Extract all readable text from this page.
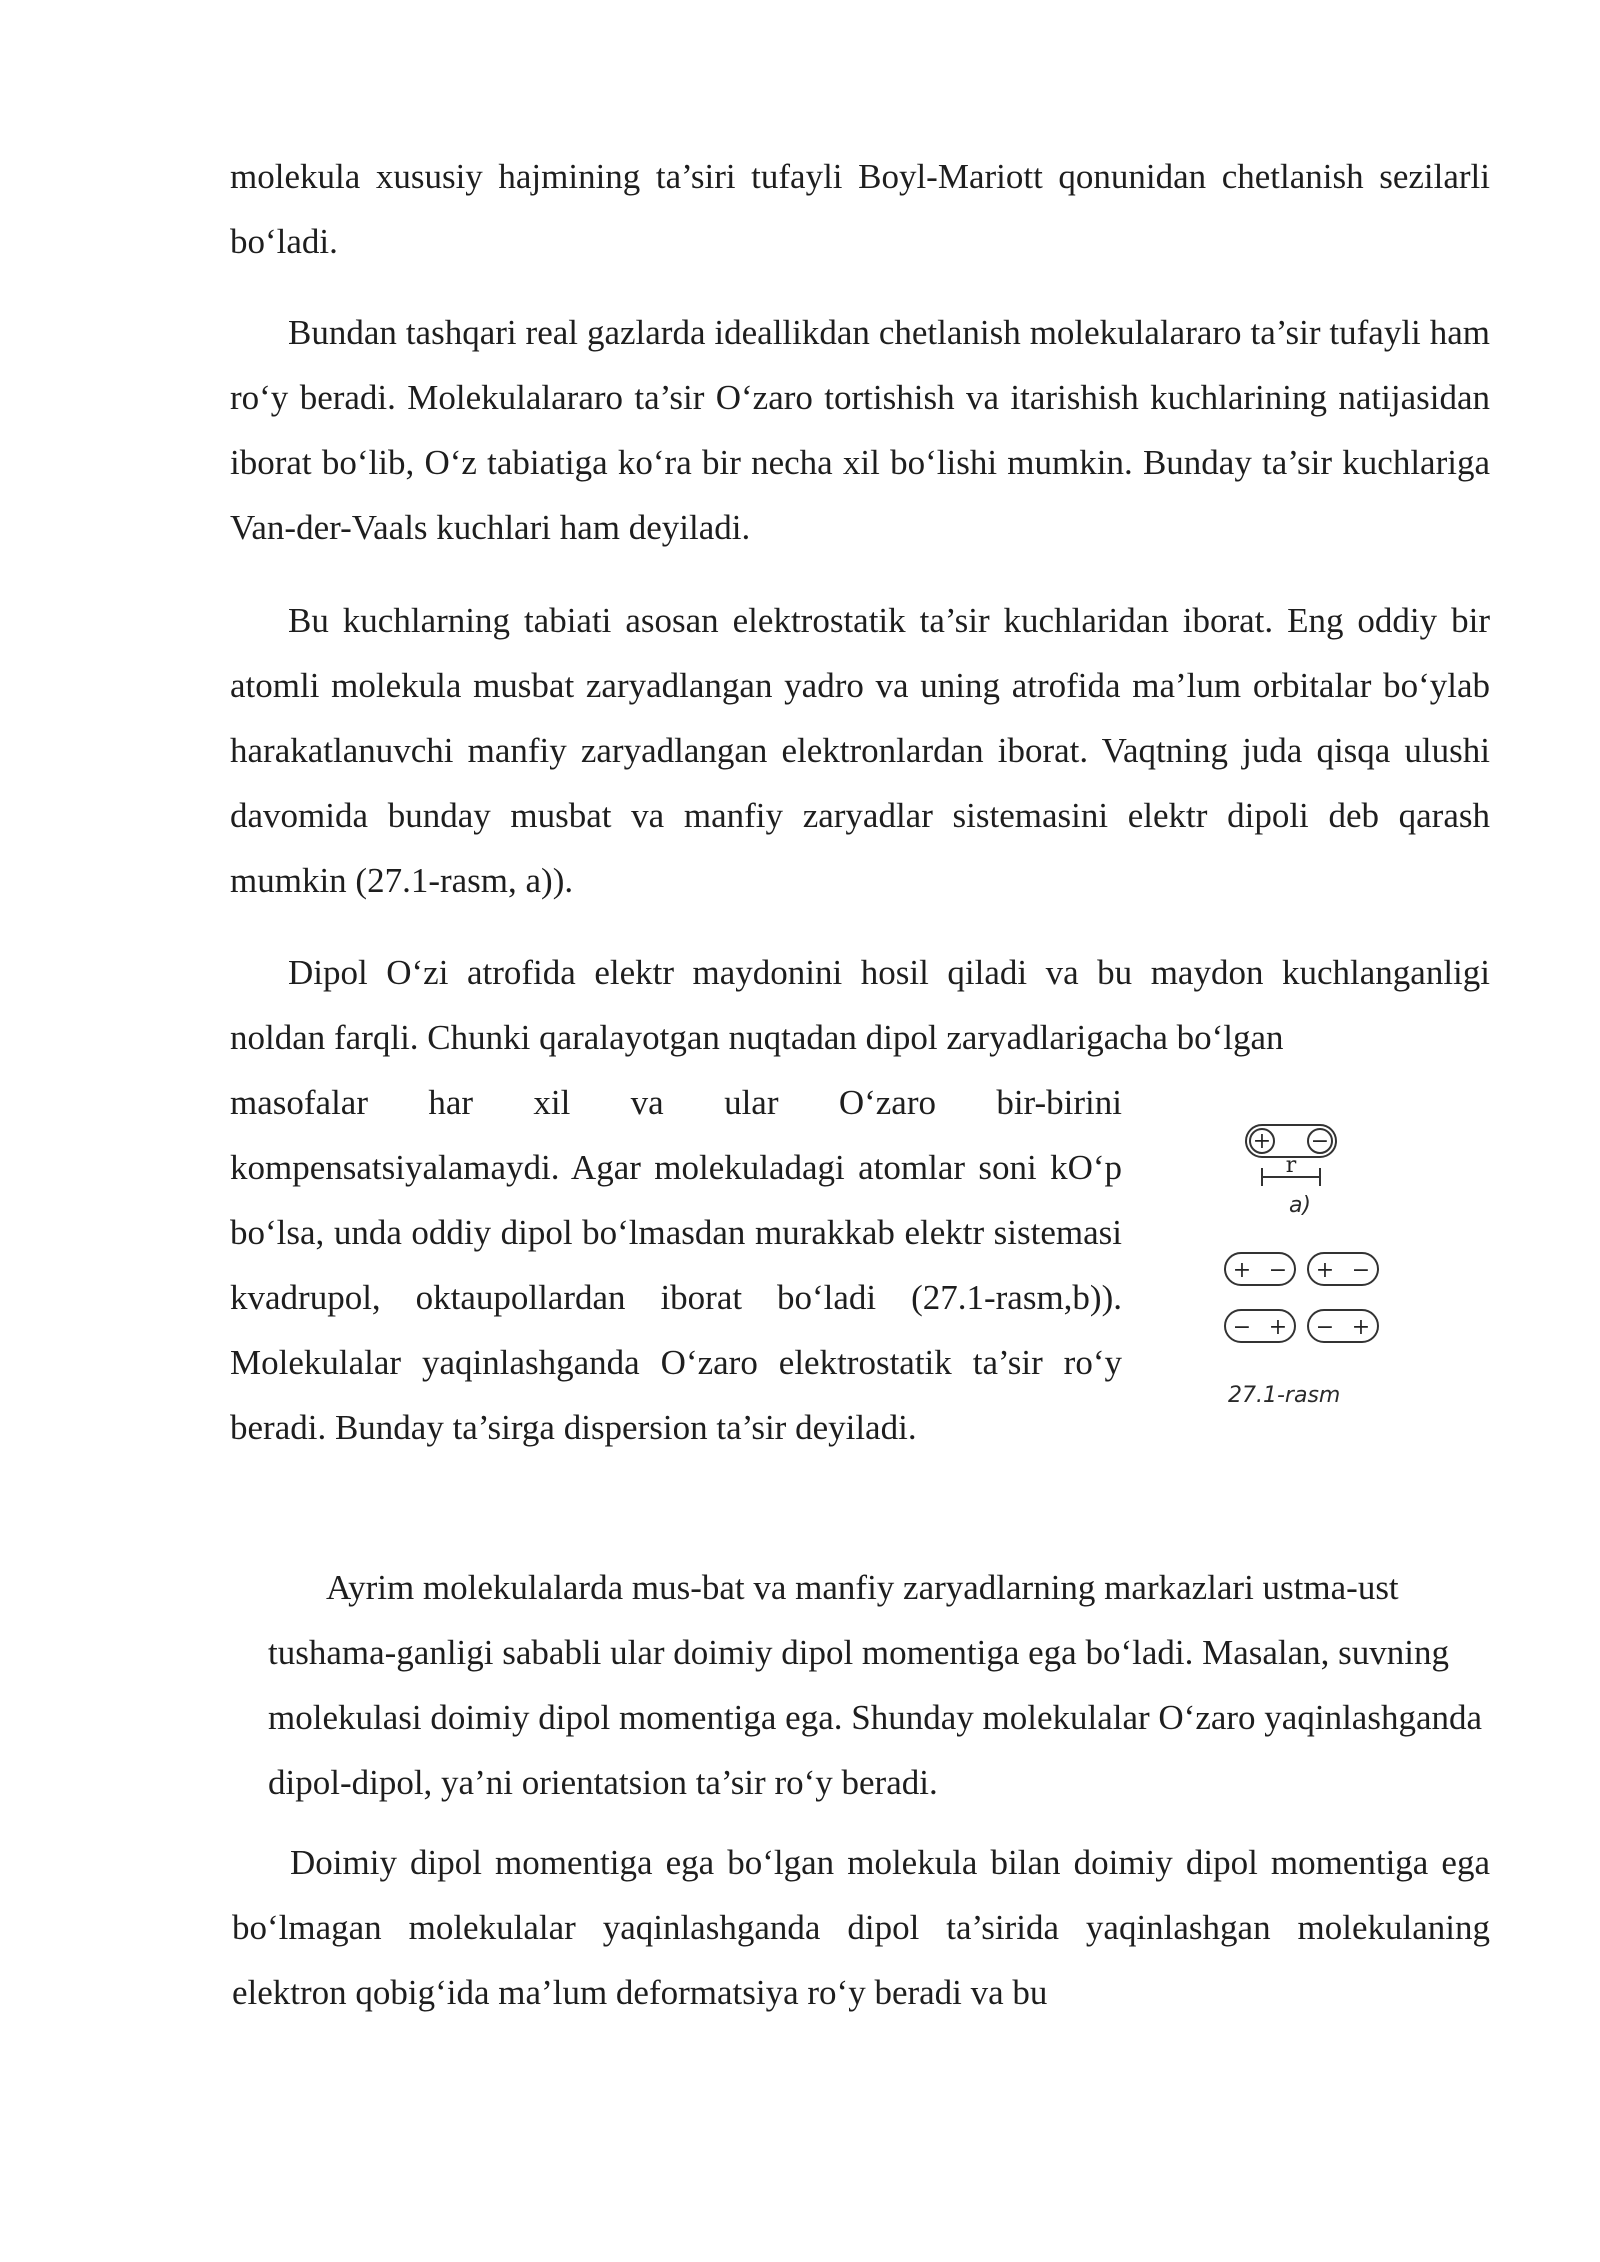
molekula xususiy hajmining ta’siri tufayli Boyl-Mariott qonunidan chetlanish sezilarli bo‘ladi.

Bundan tashqari real gazlarda ideallikdan chetlanish molekulalararo ta’sir tufayli ham ro‘y beradi. Molekulalararo ta’sir O‘zaro tortishish va itarishish kuchlarining natijasidan iborat bo‘lib, O‘z tabiatiga ko‘ra bir necha xil bo‘lishi mumkin. Bunday ta’sir kuchlariga Van-der-Vaals kuchlari ham deyiladi.

Bu kuchlarning tabiati asosan elektrostatik ta’sir kuchlaridan iborat. Eng oddiy bir atomli molekula musbat zaryadlangan yadro va uning atrofida ma’lum orbitalar bo‘ylab harakatlanuvchi manfiy zaryadlangan elektronlardan iborat. Vaqtning juda qisqa ulushi davomida bunday musbat va manfiy zaryadlar sistemasini elektr dipoli deb qarash mumkin (27.1-rasm, a)).

Dipol O‘zi atrofida elektr maydonini hosil qiladi va bu maydon kuchlanganligi noldan farqli. Chunki qaralayotgan nuqtadan dipol zaryadlarigacha bo‘lgan

masofalar har xil va ular O‘zaro bir-birini kompensatsiyalamaydi. Agar molekuladagi atomlar soni kO‘p bo‘lsa, unda oddiy dipol bo‘lmasdan murakkab elektr sistemasi kvadrupol, oktaupollardan iborat bo‘ladi (27.1-rasm,b)). Molekulalar yaqinlashganda O‘zaro elektrostatik ta’sir ro‘y beradi. Bunday ta’sirga dispersion ta’sir deyiladi.

+ −
r
a)
+ − + −
− + − +
27.1-rasm

Ayrim molekulalarda mus-bat va manfiy zaryadlarning markazlari ustma-ust tushama-ganligi sababli ular doimiy dipol momentiga ega bo‘ladi. Masalan, suvning molekulasi doimiy dipol momentiga ega. Shunday molekulalar O‘zaro yaqinlashganda dipol-dipol, ya’ni orientatsion ta’sir ro‘y beradi.

Doimiy dipol momentiga ega bo‘lgan molekula bilan doimiy dipol momentiga ega bo‘lmagan molekulalar yaqinlashganda dipol ta’sirida yaqinlashgan molekulaning elektron qobig‘ida ma’lum deformatsiya ro‘y beradi va bu
